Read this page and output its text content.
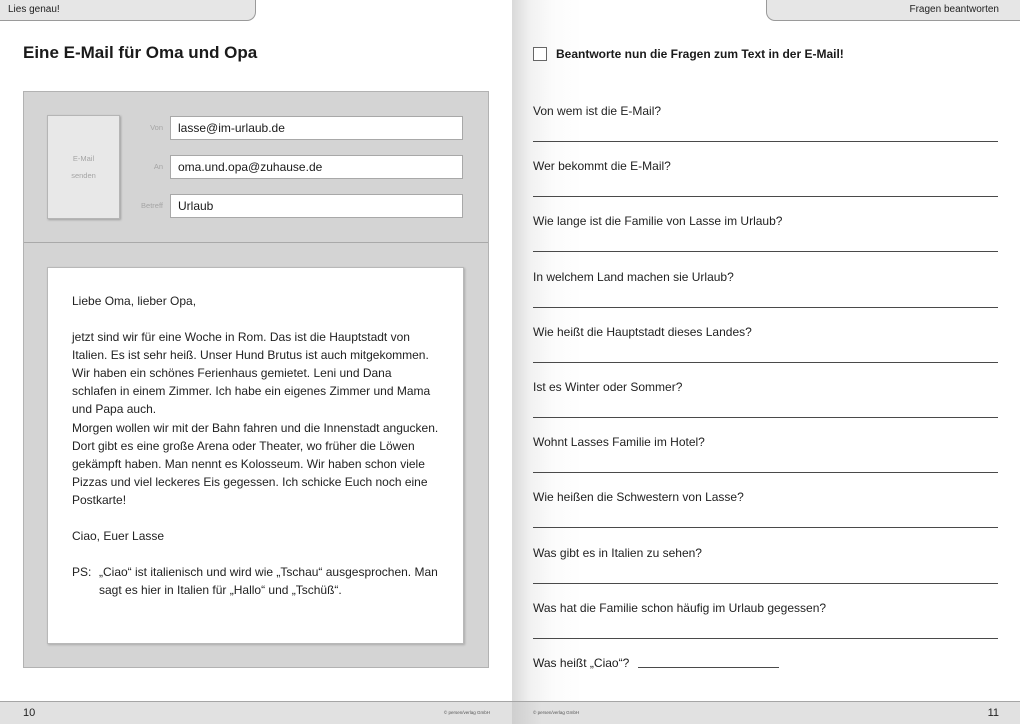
Lies genau!
Eine E-Mail für Oma und Opa
E-Mail
senden
Von	lasse@im-urlaub.de
An	oma.und.opa@zuhause.de
Betreff	Urlaub

Liebe Oma, lieber Opa,

jetzt sind wir für eine Woche in Rom. Das ist die Hauptstadt von Italien. Es ist sehr heiß. Unser Hund Brutus ist auch mitgekommen. Wir haben ein schönes Ferienhaus gemietet. Leni und Dana schlafen in einem Zimmer. Ich habe ein eigenes Zimmer und Mama und Papa auch.

Morgen wollen wir mit der Bahn fahren und die Innenstadt angucken. Dort gibt es eine große Arena oder Theater, wo früher die Löwen gekämpft haben. Man nennt es Kolosseum. Wir haben schon viele Pizzas und viel leckeres Eis gegessen. Ich schicke Euch noch eine Postkarte!

Ciao, Euer Lasse

PS: „Ciao“ ist italienisch und wird wie „Tschau“ ausgesprochen. Man sagt es hier in Italien für „Hallo“ und „Tschüß“.
10	© persen/verlag GmbH
Fragen beantworten
Beantworte nun die Fragen zum Text in der E-Mail!
Von wem ist die E-Mail?
Wer bekommt die E-Mail?
Wie lange ist die Familie von Lasse im Urlaub?
In welchem Land machen sie Urlaub?
Wie heißt die Hauptstadt dieses Landes?
Ist es Winter oder Sommer?
Wohnt Lasses Familie im Hotel?
Wie heißen die Schwestern von Lasse?
Was gibt es in Italien zu sehen?
Was hat die Familie schon häufig im Urlaub gegessen?
Was heißt „Ciao“?
© persen/verlag GmbH	11
